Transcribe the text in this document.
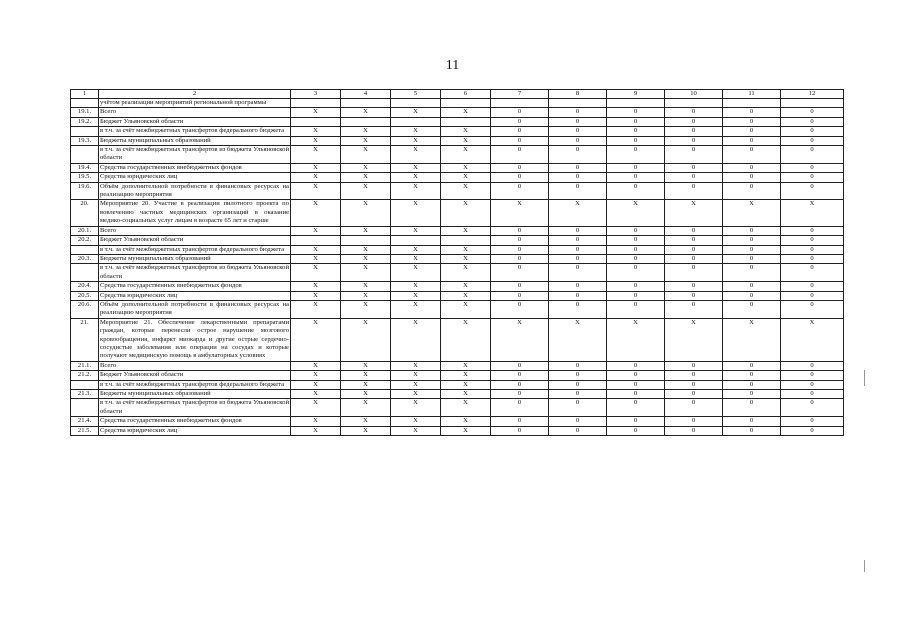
11
1	2	3	4	5	6	7	8	9	10	11	12
	учётом реализации мероприятий региональной программы										
19.1.	Всего	X	X	X	X	0	0	0	0	0	0
19.2.	Бюджет Ульяновской области					0	0	0	0	0	0
	в т.ч. за счёт межбюджетных трансфертов федерального бюджета	X	X	X	X	0	0	0	0	0	0
19.3.	Бюджеты муниципальных образований	X	X	X	X	0	0	0	0	0	0
	в т.ч. за счёт межбюджетных трансфертов из бюджета Ульяновской области	X	X	X	X	0	0	0	0	0	0
19.4.	Средства государственных внебюджетных фондов	X	X	X	X	0	0	0	0	0	0
19.5.	Средства юридических лиц	X	X	X	X	0	0	0	0	0	0
19.6.	Объём дополнительной потребности в финансовых ресурсах на реализацию мероприятия	X	X	X	X	0	0	0	0	0	0
20.	Мероприятие 20. Участие в реализации пилотного проекта по вовлечению частных медицинских организаций в оказание медико-социальных услуг лицам в возрасте 65 лет и старше	X	X	X	X	X	X	X	X	X	X
20.1.	Всего	X	X	X	X	0	0	0	0	0	0
20.2.	Бюджет Ульяновской области					0	0	0	0	0	0
	в т.ч. за счёт межбюджетных трансфертов федерального бюджета	X	X	X	X	0	0	0	0	0	0
20.3.	Бюджеты муниципальных образований	X	X	X	X	0	0	0	0	0	0
	в т.ч. за счёт межбюджетных трансфертов из бюджета Ульяновской области	X	X	X	X	0	0	0	0	0	0
20.4.	Средства государственных внебюджетных фондов	X	X	X	X	0	0	0	0	0	0
20.5.	Средства юридических лиц	X	X	X	X	0	0	0	0	0	0
20.6.	Объём дополнительной потребности в финансовых ресурсах на реализацию мероприятия	X	X	X	X	0	0	0	0	0	0
21.	Мероприятие 21. Обеспечение лекарственными препаратами граждан, которые перенесли острое нарушение мозгового кровообращения, инфаркт миокарда и другие острые сердечно-сосудистые заболевания или операции на сосудах и которые получают медицинскую помощь в амбулаторных условиях	X	X	X	X	X	X	X	X	X	X
21.1.	Всего	X	X	X	X	0	0	0	0	0	0
21.2.	Бюджет Ульяновской области	X	X	X	X	0	0	0	0	0	0
	в т.ч. за счёт межбюджетных трансфертов федерального бюджета	X	X	X	X	0	0	0	0	0	0
21.3.	Бюджеты муниципальных образований	X	X	X	X	0	0	0	0	0	0
	в т.ч. за счёт межбюджетных трансфертов из бюджета Ульяновской области	X	X	X	X	0	0	0	0	0	0
21.4.	Средства государственных внебюджетных фондов	X	X	X	X	0	0	0	0	0	0
21.5.	Средства юридических лиц	X	X	X	X	0	0	0	0	0	0
